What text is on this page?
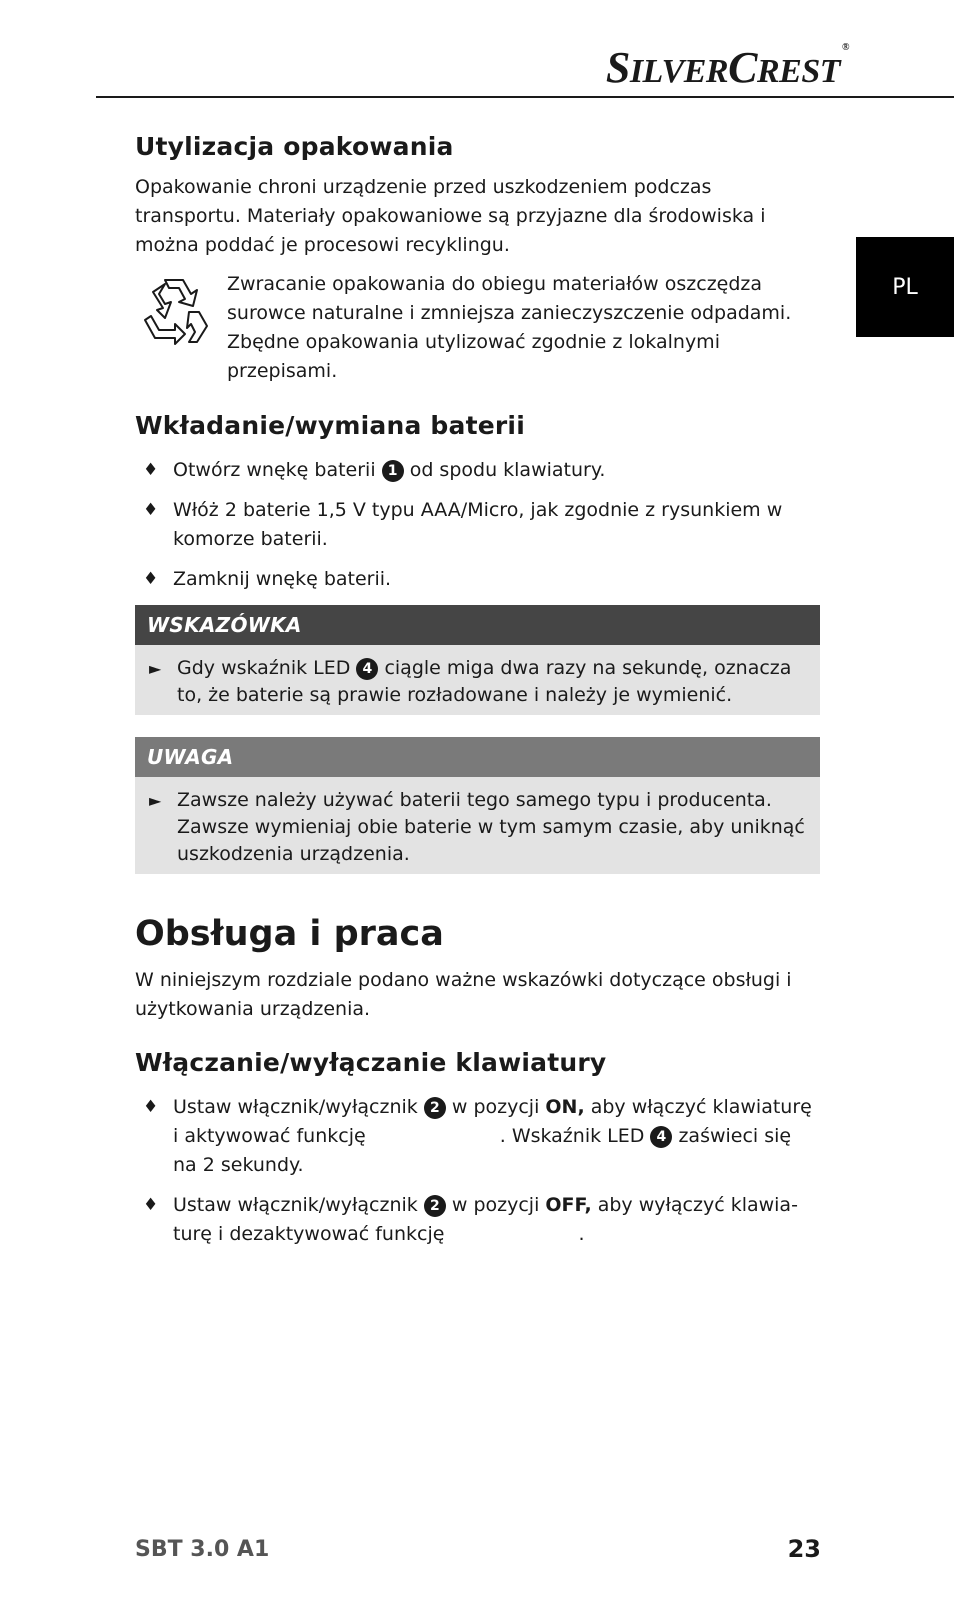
SILVERCREST®
PL
Utylizacja opakowania

Opakowanie chroni urządzenie przed uszkodzeniem podczas transportu. Materiały opakowaniowe są przyjazne dla środowiska i można poddać je procesowi recyklingu.

Zwracanie opakowania do obiegu materiałów oszczędza surowce naturalne i zmniejsza zanieczyszczenie odpadami. Zbędne opakowania utylizować zgodnie z lokalnymi przepisami.

Wkładanie/wymiana baterii
♦ Otwórz wnękę baterii 1 od spodu klawiatury.
♦ Włóż 2 baterie 1,5 V typu AAA/Micro, jak zgodnie z rysunkiem w komorze baterii.
♦ Zamknij wnękę baterii.
WSKAZÓWKA
► Gdy wskaźnik LED 4 ciągle miga dwa razy na sekundę, oznacza to, że baterie są prawie rozładowane i należy je wymienić.
UWAGA
► Zawsze należy używać baterii tego samego typu i producenta. Zawsze wymieniaj obie baterie w tym samym czasie, aby uniknąć uszkodzenia urządzenia.
Obsługa i praca

W niniejszym rozdziale podano ważne wskazówki dotyczące obsługi i użytkowania urządzenia.

Włączanie/wyłączanie klawiatury
♦ Ustaw włącznik/wyłącznik 2 w pozycji ON, aby włączyć klawiaturę i aktywować funkcję	. Wskaźnik LED 4 zaświeci się na 2 sekundy.
♦ Ustaw włącznik/wyłącznik 2 w pozycji OFF, aby wyłączyć klawiaturę i dezaktywować funkcję	.
SBT 3.0 A1	23
